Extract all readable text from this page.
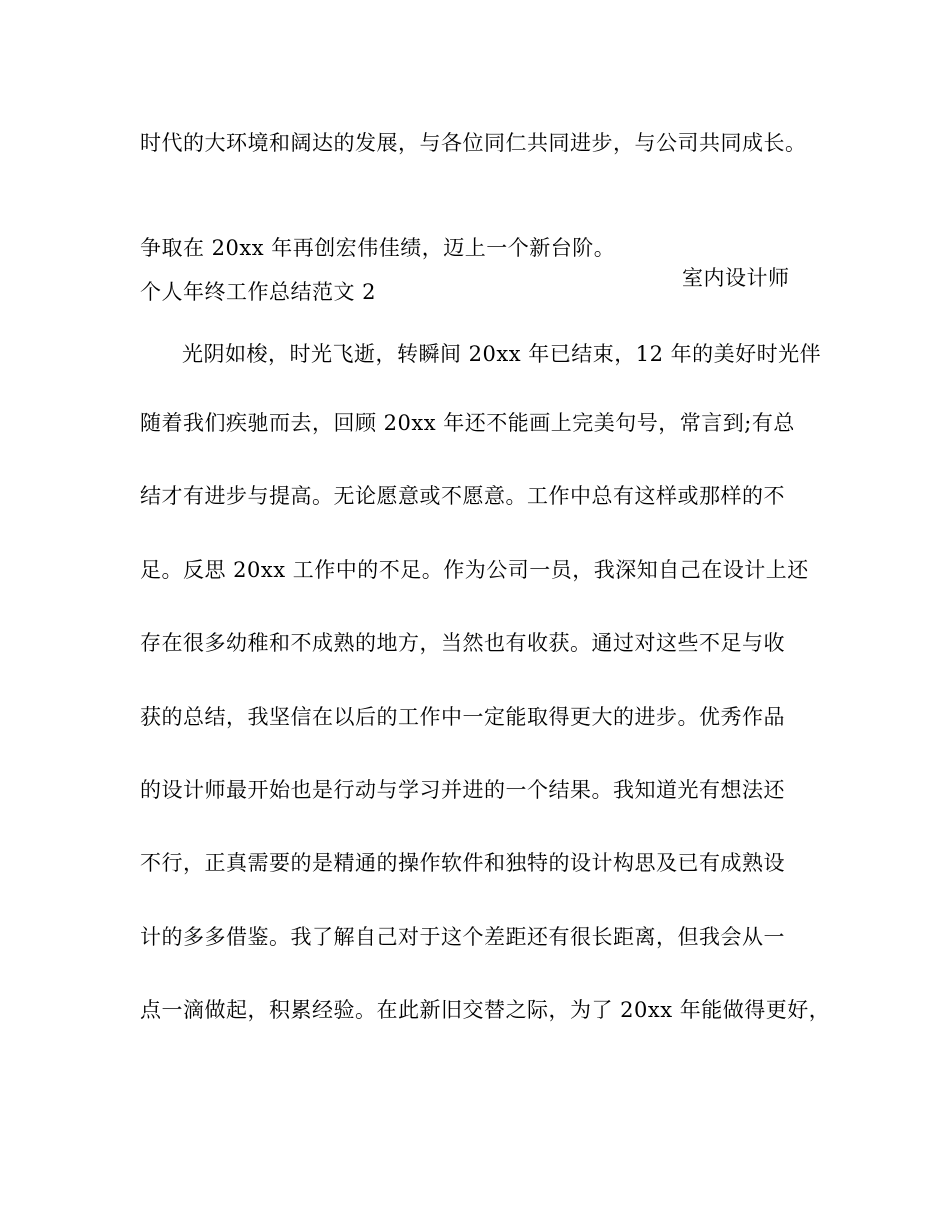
时代的大环境和阔达的发展，与各位同仁共同进步，与公司共同成长。

争取在 20xx 年再创宏伟佳绩，迈上一个新台阶。

室内设计师

个人年终工作总结范文 2
光阴如梭，时光飞逝，转瞬间 20xx 年已结束，12 年的美好时光伴
随着我们疾驰而去，回顾 20xx 年还不能画上完美句号，常言到;有总
结才有进步与提高。无论愿意或不愿意。工作中总有这样或那样的不
足。反思 20xx 工作中的不足。作为公司一员，我深知自己在设计上还
存在很多幼稚和不成熟的地方，当然也有收获。通过对这些不足与收
获的总结，我坚信在以后的工作中一定能取得更大的进步。优秀作品
的设计师最开始也是行动与学习并进的一个结果。我知道光有想法还
不行，正真需要的是精通的操作软件和独特的设计构思及已有成熟设
计的多多借鉴。我了解自己对于这个差距还有很长距离，但我会从一
点一滴做起，积累经验。在此新旧交替之际，为了 20xx 年能做得更好，
